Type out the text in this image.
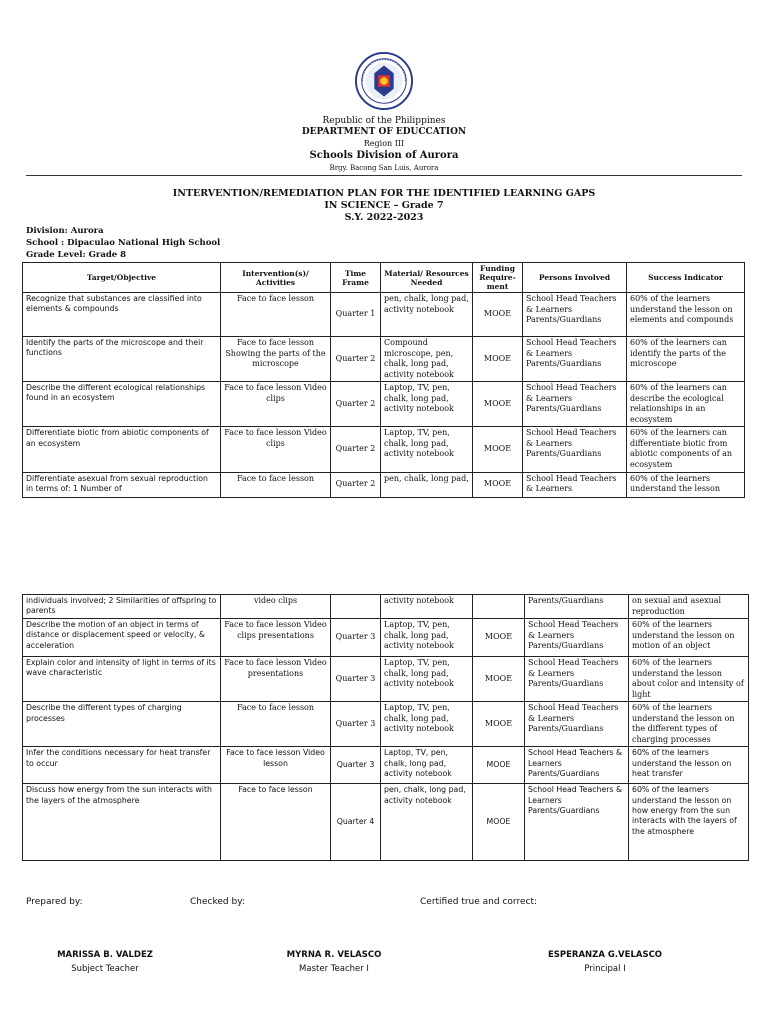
Republic of the Philippines
DEPARTMENT OF EDUCCATION
Region III
Schools Division of Aurora
Brgy. Bacong San Luis, Aurora
INTERVENTION/REMEDIATION PLAN FOR THE IDENTIFIED LEARNING GAPS
IN SCIENCE – Grade 7
S.Y. 2022-2023
Division: Aurora
School : Dipaculao National High School
Grade Level: Grade 8
Target/Objective	Intervention(s)/ Activities	Time Frame	Material/ Resources Needed	Funding Require- ment	Persons Involved	Success Indicator
Recognize that substances are classified into elements & compounds	Face to face lesson	Quarter 1	pen, chalk, long pad, activity notebook	MOOE	School Head Teachers & Learners Parents/Guardians	60% of the learners understand the lesson on elements and compounds
Identify the parts of the microscope and their functions	Face to face lesson Showing the parts of the microscope	Quarter 2	Compound microscope, pen, chalk, long pad, activity notebook	MOOE	School Head Teachers & Learners Parents/Guardians	60% of the learners can identify the parts of the microscope
Describe the different ecological relationships found in an ecosystem	Face to face lesson Video clips	Quarter 2	Laptop, TV, pen, chalk, long pad, activity notebook	MOOE	School Head Teachers & Learners Parents/Guardians	60% of the learners can describe the ecological relationships in an ecosystem
Differentiate biotic from abiotic components of an ecosystem	Face to face lesson Video clips	Quarter 2	Laptop, TV, pen, chalk, long pad, activity notebook	MOOE	School Head Teachers & Learners Parents/Guardians	60% of the learners can differentiate biotic from abiotic components of an ecosystem
Differentiate asexual from sexual reproduction in terms of: 1 Number of	Face to face lesson	Quarter 2	pen, chalk, long pad,	MOOE	School Head Teachers & Learners	60% of the learners understand the lesson
individuals involved; 2 Similarities of offspring to parents	video clips		activity notebook		Parents/Guardians	on sexual and asexual reproduction
Describe the motion of an object in terms of distance or displacement speed or velocity, & acceleration	Face to face lesson Video clips presentations	Quarter 3	Laptop, TV, pen, chalk, long pad, activity notebook	MOOE	School Head Teachers & Learners Parents/Guardians	60% of the learners understand the lesson on motion of an object
Explain color and intensity of light in terms of its wave characteristic	Face to face lesson Video presentations	Quarter 3	Laptop, TV, pen, chalk, long pad, activity notebook	MOOE	School Head Teachers & Learners Parents/Guardians	60% of the learners understand the lesson about color and intensity of light
Describe the different types of charging processes	Face to face lesson	Quarter 3	Laptop, TV, pen, chalk, long pad, activity notebook	MOOE	School Head Teachers & Learners Parents/Guardians	60% of the learners understand the lesson on the different types of charging processes
Infer the conditions necessary for heat transfer to occur	Face to face lesson Video lesson	Quarter 3	Laptop, TV, pen, chalk, long pad, activity notebook	MOOE	School Head Teachers & Learners Parents/Guardians	60% of the learners understand the lesson on heat transfer
Discuss how energy from the sun interacts with the layers of the atmosphere	Face to face lesson	Quarter 4	pen, chalk, long pad, activity notebook	MOOE	School Head Teachers & Learners Parents/Guardians	60% of the learners understand the lesson on how energy from the sun interacts with the layers of the atmosphere
Prepared by:	Checked by:	Certified true and correct:
MARISSA B. VALDEZ
Subject Teacher
MYRNA R. VELASCO
Master Teacher I
ESPERANZA G.VELASCO
Principal I
